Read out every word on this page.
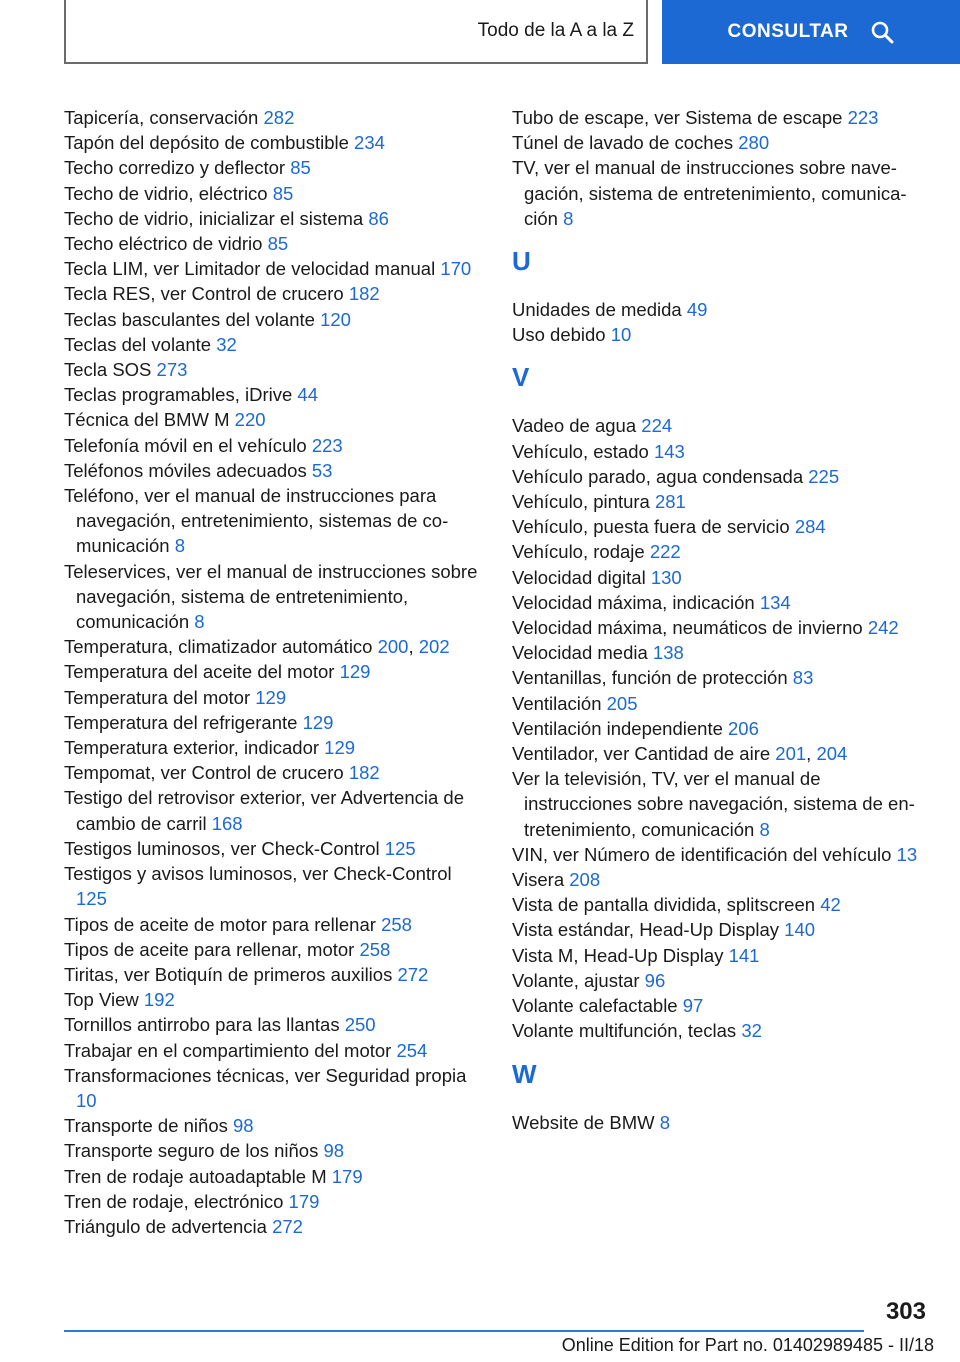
Todo de la A a la Z	CONSULTAR
Tapicería, conservación 282
Tapón del depósito de combustible 234
Techo corredizo y deflector 85
Techo de vidrio, eléctrico 85
Techo de vidrio, inicializar el sistema 86
Techo eléctrico de vidrio 85
Tecla LIM, ver Limitador de velocidad manual 170
Tecla RES, ver Control de crucero 182
Teclas basculantes del volante 120
Teclas del volante 32
Tecla SOS 273
Teclas programables, iDrive 44
Técnica del BMW M 220
Telefonía móvil en el vehículo 223
Teléfonos móviles adecuados 53
Teléfono, ver el manual de instrucciones para navegación, entretenimiento, sistemas de comunicación 8
Teleservices, ver el manual de instrucciones sobre navegación, sistema de entretenimiento, comunicación 8
Temperatura, climatizador automático 200, 202
Temperatura del aceite del motor 129
Temperatura del motor 129
Temperatura del refrigerante 129
Temperatura exterior, indicador 129
Tempomat, ver Control de crucero 182
Testigo del retrovisor exterior, ver Advertencia de cambio de carril 168
Testigos luminosos, ver Check-Control 125
Testigos y avisos luminosos, ver Check-Control 125
Tipos de aceite de motor para rellenar 258
Tipos de aceite para rellenar, motor 258
Tiritas, ver Botiquín de primeros auxilios 272
Top View 192
Tornillos antirrobo para las llantas 250
Trabajar en el compartimiento del motor 254
Transformaciones técnicas, ver Seguridad propia 10
Transporte de niños 98
Transporte seguro de los niños 98
Tren de rodaje autoadaptable M 179
Tren de rodaje, electrónico 179
Triángulo de advertencia 272
Tubo de escape, ver Sistema de escape 223
Túnel de lavado de coches 280
TV, ver el manual de instrucciones sobre navegación, sistema de entretenimiento, comunicación 8
U
Unidades de medida 49
Uso debido 10
V
Vadeo de agua 224
Vehículo, estado 143
Vehículo parado, agua condensada 225
Vehículo, pintura 281
Vehículo, puesta fuera de servicio 284
Vehículo, rodaje 222
Velocidad digital 130
Velocidad máxima, indicación 134
Velocidad máxima, neumáticos de invierno 242
Velocidad media 138
Ventanillas, función de protección 83
Ventilación 205
Ventilación independiente 206
Ventilador, ver Cantidad de aire 201, 204
Ver la televisión, TV, ver el manual de instrucciones sobre navegación, sistema de entretenimiento, comunicación 8
VIN, ver Número de identificación del vehículo 13
Visera 208
Vista de pantalla dividida, splitscreen 42
Vista estándar, Head-Up Display 140
Vista M, Head-Up Display 141
Volante, ajustar 96
Volante calefactable 97
Volante multifunción, teclas 32
W
Website de BMW 8
303
Online Edition for Part no. 01402989485 - II/18
